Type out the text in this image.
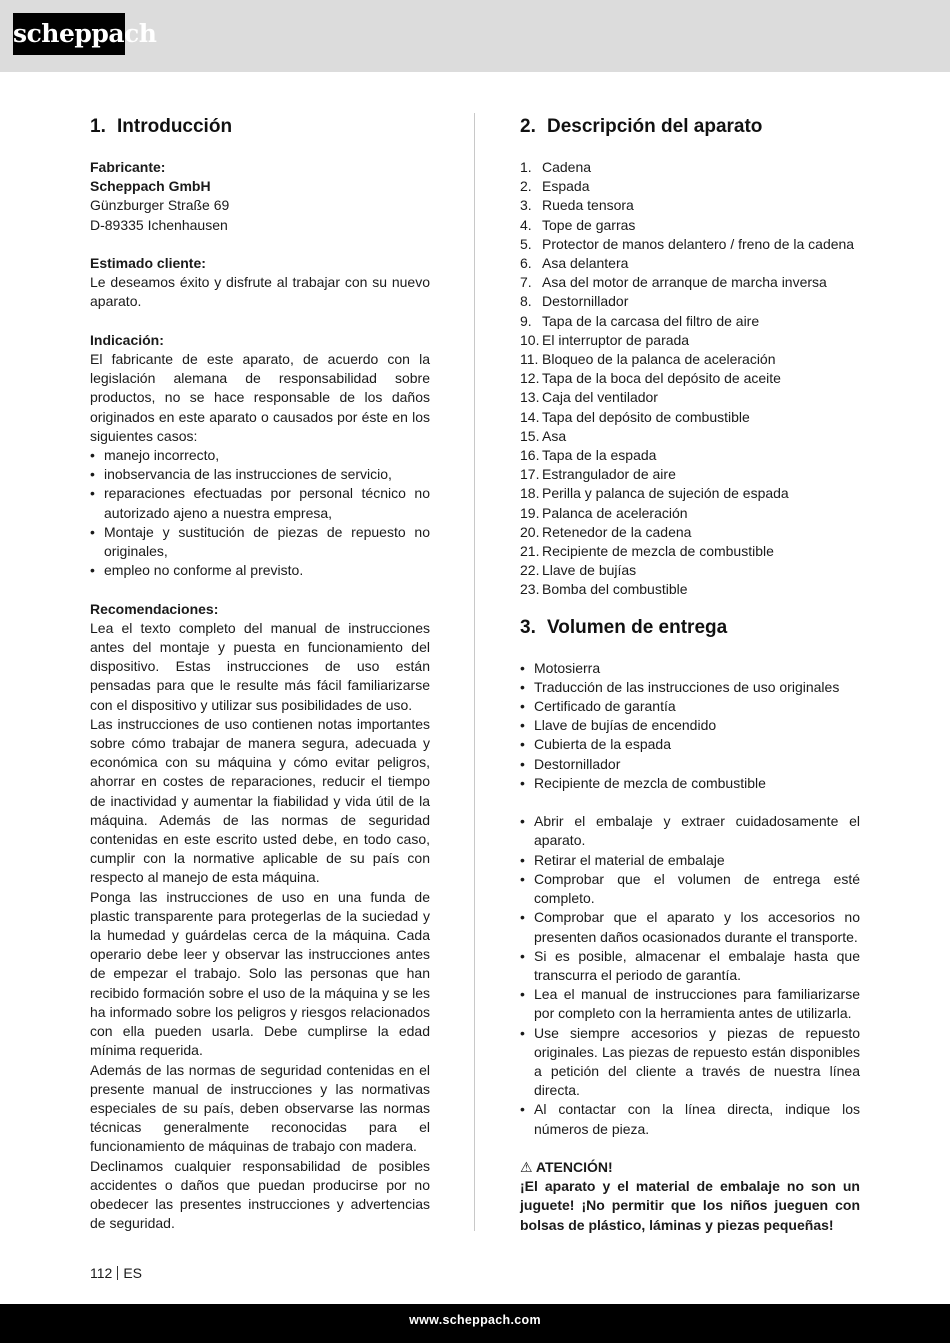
scheppach
1. Introducción

Fabricante:

Scheppach GmbH

Günzburger Straße 69

D-89335 Ichenhausen

Estimado cliente:

Le deseamos éxito y disfrute al trabajar con su nuevo aparato.

Indicación:

El fabricante de este aparato, de acuerdo con la legislación alemana de responsabilidad sobre productos, no se hace responsable de los daños originados en este aparato o causados por éste en los siguientes casos:

• manejo incorrecto,
• inobservancia de las instrucciones de servicio,
• reparaciones efectuadas por personal técnico no autorizado ajeno a nuestra empresa,
• Montaje y sustitución de piezas de repuesto no originales,
• empleo no conforme al previsto.

Recomendaciones:

Lea el texto completo del manual de instrucciones antes del montaje y puesta en funcionamiento del dispositivo. Estas instrucciones de uso están pensadas para que le resulte más fácil familiarizarse con el dispositivo y utilizar sus posibilidades de uso.

Las instrucciones de uso contienen notas importantes sobre cómo trabajar de manera segura, adecuada y económica con su máquina y cómo evitar peligros, ahorrar en costes de reparaciones, reducir el tiempo de inactividad y aumentar la fiabilidad y vida útil de la máquina. Además de las normas de seguridad contenidas en este escrito usted debe, en todo caso, cumplir con la normative aplicable de su país con respecto al manejo de esta máquina.

Ponga las instrucciones de uso en una funda de plastic transparente para protegerlas de la suciedad y la humedad y guárdelas cerca de la máquina. Cada operario debe leer y observar las instrucciones antes de empezar el trabajo. Solo las personas que han recibido formación sobre el uso de la máquina y se les ha informado sobre los peligros y riesgos relacionados con ella pueden usarla. Debe cumplirse la edad mínima requerida.

Además de las normas de seguridad contenidas en el presente manual de instrucciones y las normativas especiales de su país, deben observarse las normas técnicas generalmente reconocidas para el funcionamiento de máquinas de trabajo con madera.

Declinamos cualquier responsabilidad de posibles accidentes o daños que puedan producirse por no obedecer las presentes instrucciones y advertencias de seguridad.

2. Descripción del aparato
1. Cadena
2. Espada
3. Rueda tensora
4. Tope de garras
5. Protector de manos delantero / freno de la cadena
6. Asa delantera
7. Asa del motor de arranque de marcha inversa
8. Destornillador
9. Tapa de la carcasa del filtro de aire
10. El interruptor de parada
11. Bloqueo de la palanca de aceleración
12. Tapa de la boca del depósito de aceite
13. Caja del ventilador
14. Tapa del depósito de combustible
15. Asa
16. Tapa de la espada
17. Estrangulador de aire
18. Perilla y palanca de sujeción de espada
19. Palanca de aceleración
20. Retenedor de la cadena
21. Recipiente de mezcla de combustible
22. Llave de bujías
23. Bomba del combustible
3. Volumen de entrega
• Motosierra
• Traducción de las instrucciones de uso originales
• Certificado de garantía
• Llave de bujías de encendido
• Cubierta de la espada
• Destornillador
• Recipiente de mezcla de combustible
• Abrir el embalaje y extraer cuidadosamente el aparato.
• Retirar el material de embalaje
• Comprobar que el volumen de entrega esté completo.
• Comprobar que el aparato y los accesorios no presenten daños ocasionados durante el transporte.
• Si es posible, almacenar el embalaje hasta que transcurra el periodo de garantía.
• Lea el manual de instrucciones para familiarizarse por completo con la herramienta antes de utilizarla.
• Use siempre accesorios y piezas de repuesto originales. Las piezas de repuesto están disponibles a petición del cliente a través de nuestra línea directa.
• Al contactar con la línea directa, indique los números de pieza.

⚠ ATENCIÓN!

¡El aparato y el material de embalaje no son un juguete! ¡No permitir que los niños jueguen con bolsas de plástico, láminas y piezas pequeñas!

112 ES
www.scheppach.com
